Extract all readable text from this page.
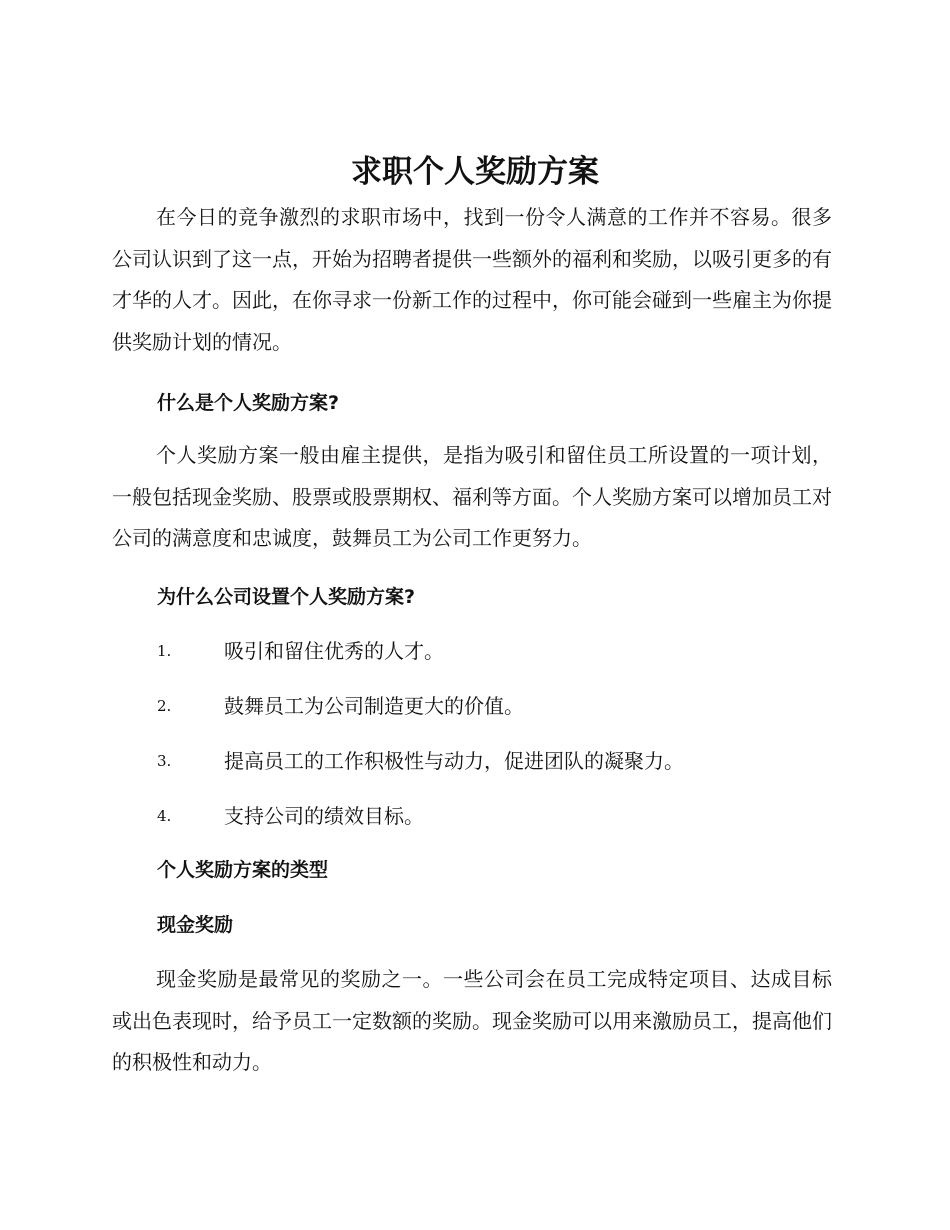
求职个人奖励方案

在今日的竞争激烈的求职市场中，找到一份令人满意的工作并不容易。很多公司认识到了这一点，开始为招聘者提供一些额外的福利和奖励，以吸引更多的有才华的人才。因此，在你寻求一份新工作的过程中，你可能会碰到一些雇主为你提供奖励计划的情况。

什么是个人奖励方案?

个人奖励方案一般由雇主提供，是指为吸引和留住员工所设置的一项计划，一般包括现金奖励、股票或股票期权、福利等方面。个人奖励方案可以增加员工对公司的满意度和忠诚度，鼓舞员工为公司工作更努力。

为什么公司设置个人奖励方案?
1.	吸引和留住优秀的人才。
2.	鼓舞员工为公司制造更大的价值。
3.	提高员工的工作积极性与动力，促进团队的凝聚力。
4.	支持公司的绩效目标。
个人奖励方案的类型
现金奖励

现金奖励是最常见的奖励之一。一些公司会在员工完成特定项目、达成目标或出色表现时，给予员工一定数额的奖励。现金奖励可以用来激励员工，提高他们的积极性和动力。
